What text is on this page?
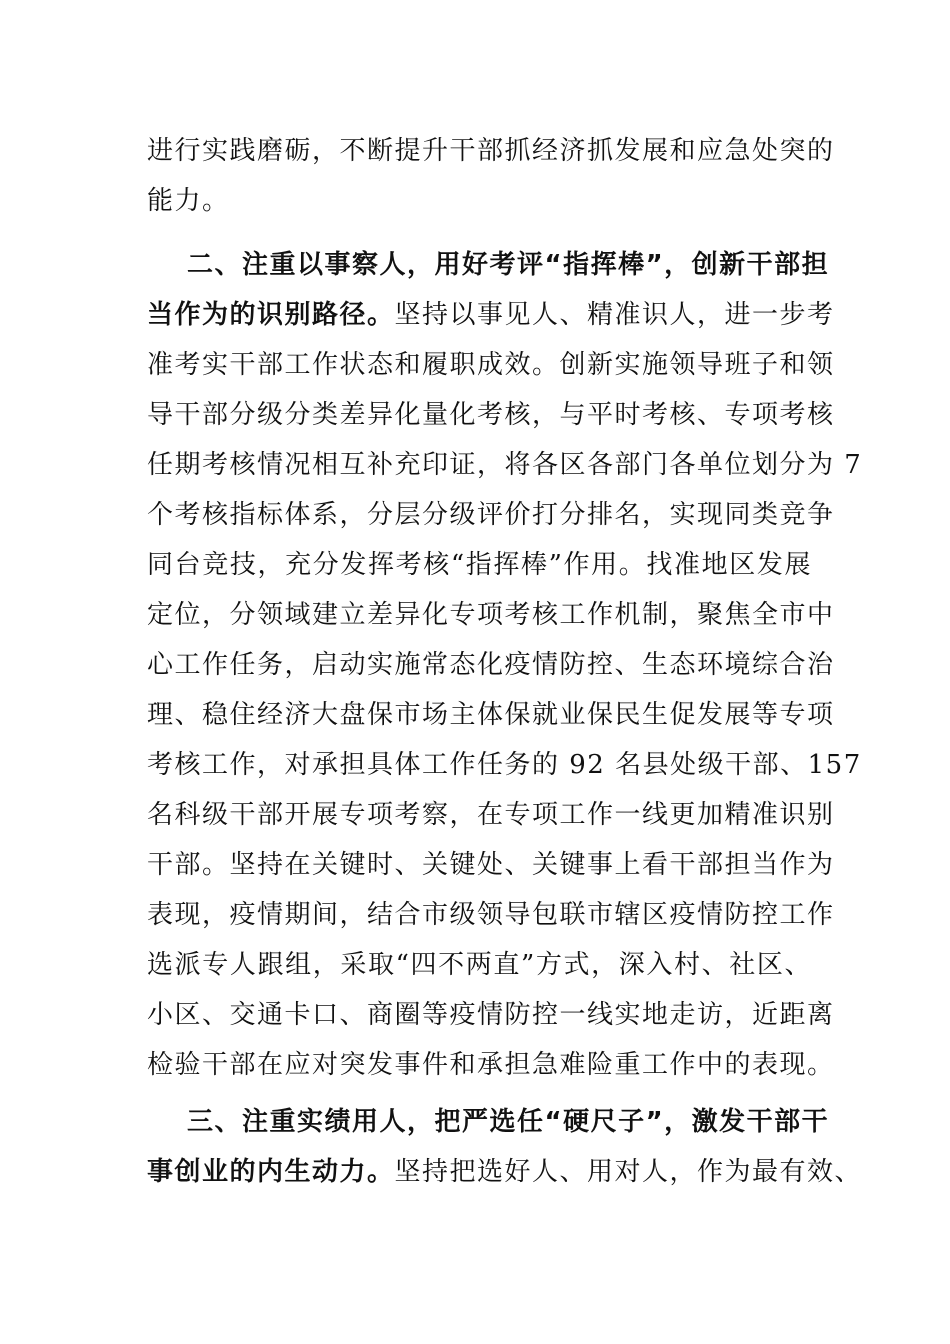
进行实践磨砺，不断提升干部抓经济抓发展和应急处突的
能力。
二、注重以事察人，用好考评“指挥棒”，创新干部担
当作为的识别路径。坚持以事见人、精准识人，进一步考
准考实干部工作状态和履职成效。创新实施领导班子和领
导干部分级分类差异化量化考核，与平时考核、专项考核
任期考核情况相互补充印证，将各区各部门各单位划分为 7
个考核指标体系，分层分级评价打分排名，实现同类竞争
同台竞技，充分发挥考核“指挥棒”作用。找准地区发展
定位，分领域建立差异化专项考核工作机制，聚焦全市中
心工作任务，启动实施常态化疫情防控、生态环境综合治
理、稳住经济大盘保市场主体保就业保民生促发展等专项
考核工作，对承担具体工作任务的 92 名县处级干部、157
名科级干部开展专项考察，在专项工作一线更加精准识别
干部。坚持在关键时、关键处、关键事上看干部担当作为
表现，疫情期间，结合市级领导包联市辖区疫情防控工作
选派专人跟组，采取“四不两直”方式，深入村、社区、
小区、交通卡口、商圈等疫情防控一线实地走访，近距离
检验干部在应对突发事件和承担急难险重工作中的表现。
三、注重实绩用人，把严选任“硬尺子”，激发干部干
事创业的内生动力。坚持把选好人、用对人，作为最有效、
